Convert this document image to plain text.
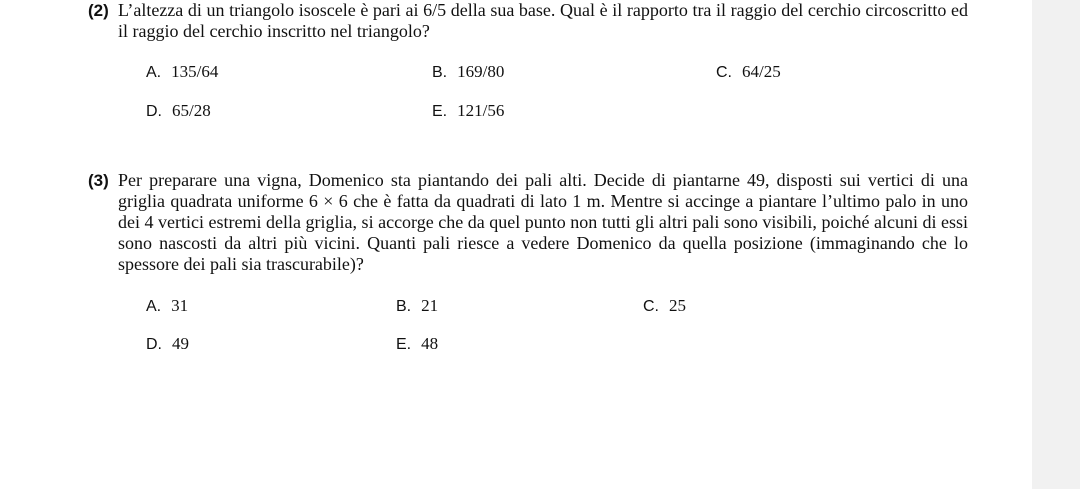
(2) L’altezza di un triangolo isoscele è pari ai 6/5 della sua base. Qual è il rapporto tra il raggio del cerchio circoscritto ed il raggio del cerchio inscritto nel triangolo?

A. 135/64	B. 169/80	C. 64/25
D. 65/28	E. 121/56

(3) Per preparare una vigna, Domenico sta piantando dei pali alti. Decide di piantarne 49, disposti sui vertici di una griglia quadrata uniforme 6 × 6 che è fatta da quadrati di lato 1 m. Mentre si accinge a piantare l’ultimo palo in uno dei 4 vertici estremi della griglia, si accorge che da quel punto non tutti gli altri pali sono visibili, poiché alcuni di essi sono nascosti da altri più vicini. Quanti pali riesce a vedere Domenico da quella posizione (immaginando che lo spessore dei pali sia trascurabile)?

A. 31	B. 21	C. 25
D. 49	E. 48
